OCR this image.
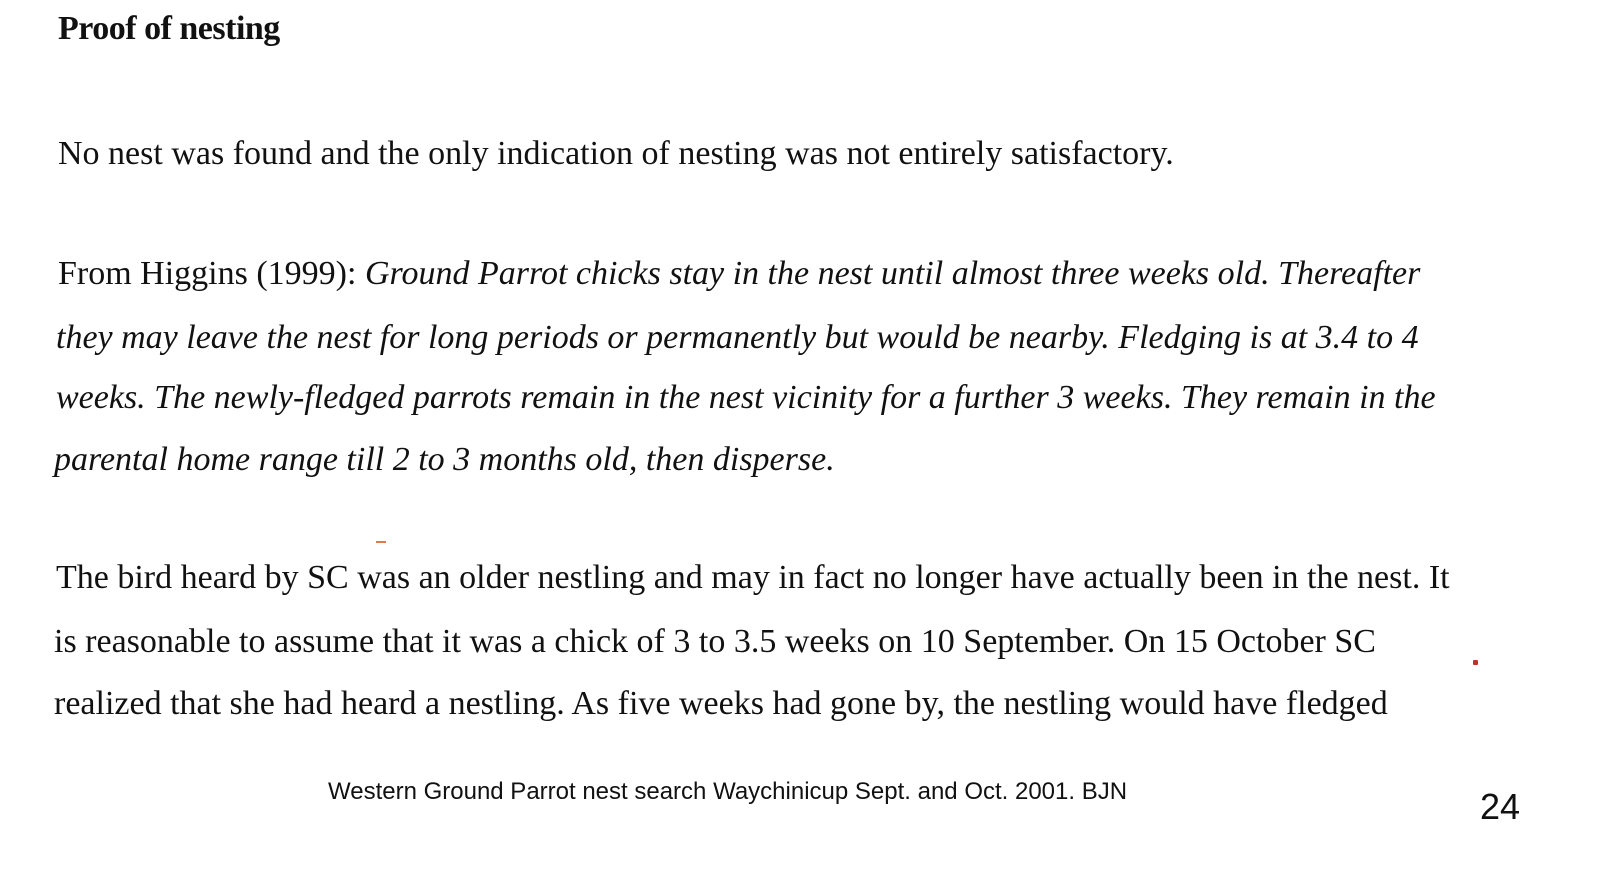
Proof of nesting
No nest was found and the only indication of nesting was not entirely satisfactory.
From Higgins (1999): Ground Parrot chicks stay in the nest until almost three weeks old. Thereafter
they may leave the nest for long periods or permanently but would be nearby. Fledging is at 3.4 to 4
weeks. The newly-fledged parrots remain in the nest vicinity for a further 3 weeks. They remain in the
parental home range till 2 to 3 months old, then disperse.
The bird heard by SC was an older nestling and may in fact no longer have actually been in the nest. It
is reasonable to assume that it was a chick of 3 to 3.5 weeks on 10 September. On 15 October SC
realized that she had heard a nestling. As five weeks had gone by, the nestling would have fledged
Western Ground Parrot nest search Waychinicup Sept. and Oct. 2001. BJN	24
